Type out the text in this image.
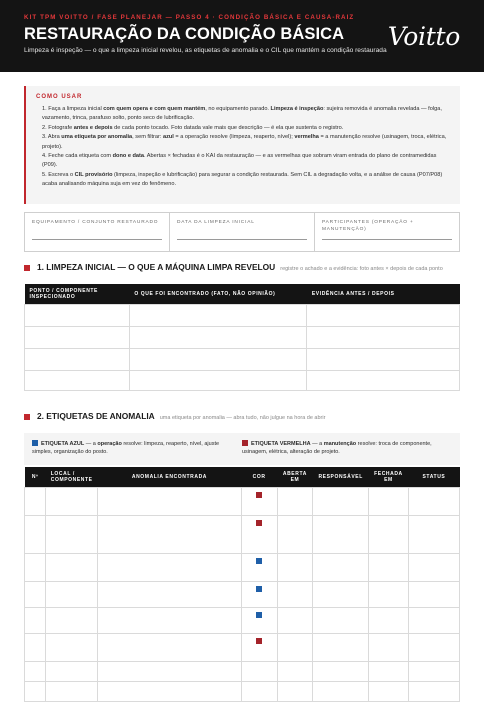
KIT TPM VOITTO / FASE PLANEJAR — PASSO 4 · CONDIÇÃO BÁSICA E CAUSA-RAIZ
RESTAURAÇÃO DA CONDIÇÃO BÁSICA
Limpeza é inspeção — o que a limpeza inicial revelou, as etiquetas de anomalia e o CIL que mantém a condição restaurada Voitto
COMO USAR
1. Faça a limpeza inicial com quem opera e com quem mantém, no equipamento parado. Limpeza é inspeção: sujeira removida é anomalia revelada — folga, vazamento, trinca, parafuso solto, ponto seco de lubrificação.
2. Fotografe antes e depois de cada ponto tocado. Foto datada vale mais que descrição — é ela que sustenta o registro.
3. Abra uma etiqueta por anomalia, sem filtrar: azul = a operação resolve (limpeza, reaperto, nível); vermelha = a manutenção resolve (usinagem, troca, elétrica, projeto).
4. Feche cada etiqueta com dono e data. Abertas × fechadas é o KAI da restauração — e as vermelhas que sobram viram entrada do plano de contramedidas (P09).
5. Escreva o CIL provisório (limpeza, inspeção e lubrificação) para segurar a condição restaurada. Sem CIL a degradação volta, e a análise de causa (P07/P08) acaba analisando máquina suja em vez do fenômeno.
EQUIPAMENTO / CONJUNTO RESTAURADO	DATA DA LIMPEZA INICIAL	PARTICIPANTES (OPERAÇÃO + MANUTENÇÃO)
1. LIMPEZA INICIAL — O QUE A MÁQUINA LIMPA REVELOU registre o achado e a evidência: foto antes × depois de cada ponto
PONTO / COMPONENTE INSPECIONADO	O QUE FOI ENCONTRADO (FATO, NÃO OPINIÃO)	EVIDÊNCIA ANTES / DEPOIS

2. ETIQUETAS DE ANOMALIA uma etiqueta por anomalia — abra tudo, não julgue na hora de abrir
ETIQUETA AZUL — a operação resolve: limpeza, reaperto, nível, ajuste simples, organização do posto.
ETIQUETA VERMELHA — a manutenção resolve: troca de componente, usinagem, elétrica, alteração de projeto.
Nº	LOCAL / COMPONENTE	ANOMALIA ENCONTRADA	COR	ABERTA EM	RESPONSÁVEL	FECHADA EM	STATUS
